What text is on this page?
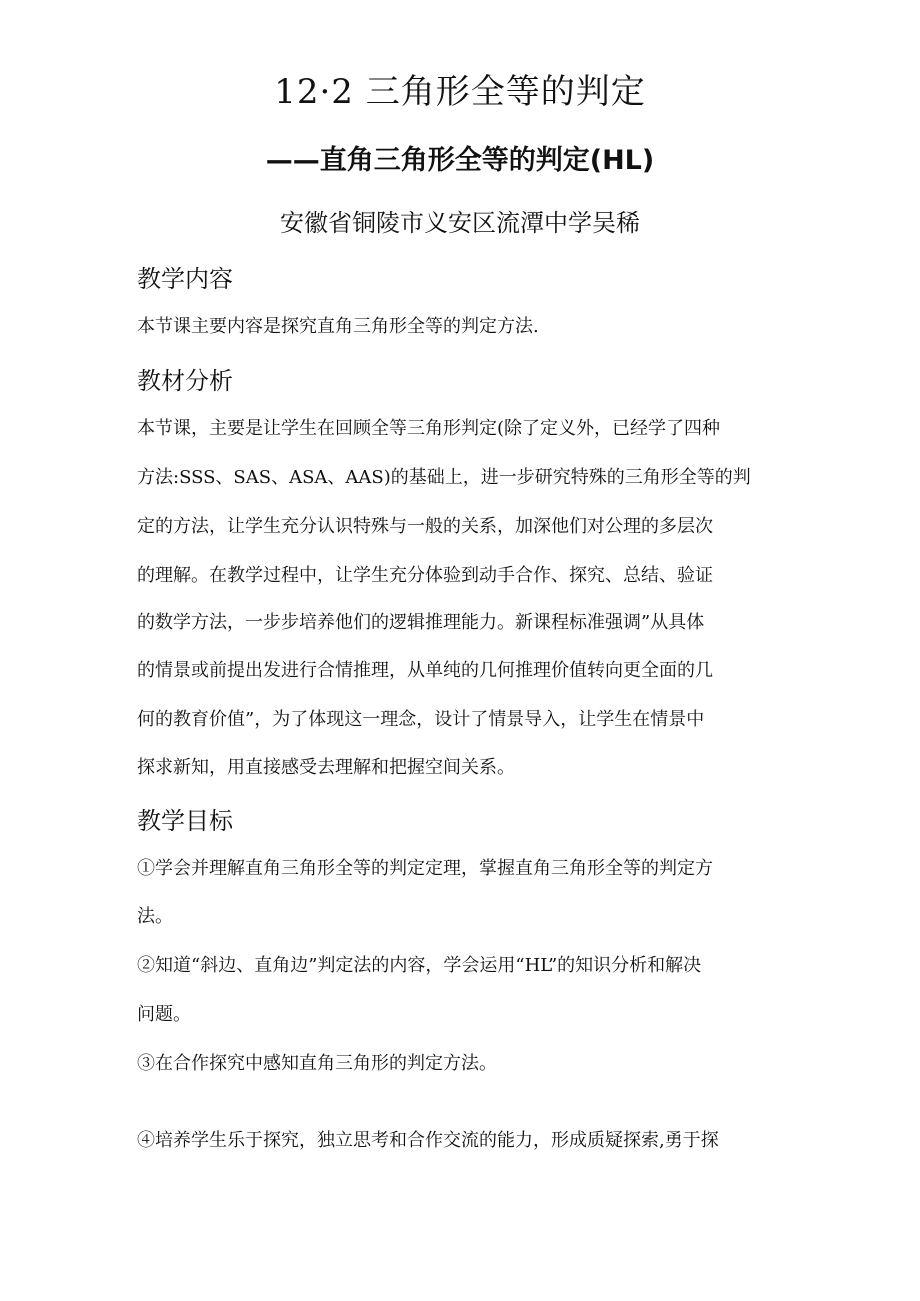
12·2 三角形全等的判定
——直角三角形全等的判定(HL)
安徽省铜陵市义安区流潭中学吴稀
教学内容
本节课主要内容是探究直角三角形全等的判定方法.
教材分析
本节课，主要是让学生在回顾全等三角形判定(除了定义外，已经学了四种
方法:SSS、SAS、ASA、AAS)的基础上，进一步研究特殊的三角形全等的判
定的方法，让学生充分认识特殊与一般的关系，加深他们对公理的多层次
的理解。在教学过程中，让学生充分体验到动手合作、探究、总结、验证
的数学方法，一步步培养他们的逻辑推理能力。新课程标准强调”从具体
的情景或前提出发进行合情推理，从单纯的几何推理价值转向更全面的几
何的教育价值”，为了体现这一理念，设计了情景导入，让学生在情景中
探求新知，用直接感受去理解和把握空间关系。
教学目标
①学会并理解直角三角形全等的判定定理，掌握直角三角形全等的判定方
法。
②知道“斜边、直角边”判定法的内容，学会运用“HL”的知识分析和解决
问题。
③在合作探究中感知直角三角形的判定方法。
④培养学生乐于探究，独立思考和合作交流的能力，形成质疑探索,勇于探
